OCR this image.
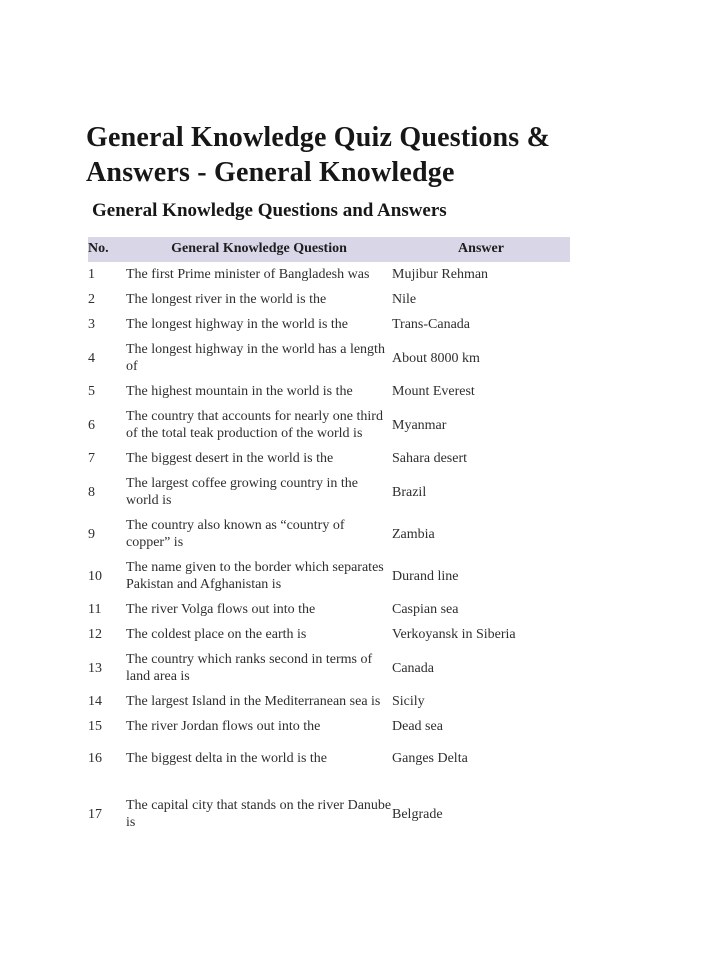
General Knowledge Quiz Questions & Answers - General Knowledge
General Knowledge Questions and Answers
No.	General Knowledge Question	Answer
1	The first Prime minister of Bangladesh was	Mujibur Rehman
2	The longest river in the world is the	Nile
3	The longest highway in the world is the	Trans-Canada
4	The longest highway in the world has a length of	About 8000 km
5	The highest mountain in the world is the	Mount Everest
6	The country that accounts for nearly one third of the total teak production of the world is	Myanmar
7	The biggest desert in the world is the	Sahara desert
8	The largest coffee growing country in the world is	Brazil
9	The country also known as “country of copper” is	Zambia
10	The name given to the border which separates Pakistan and Afghanistan is	Durand line
11	The river Volga flows out into the	Caspian sea
12	The coldest place on the earth is	Verkoyansk in Siberia
13	The country which ranks second in terms of land area is	Canada
14	The largest Island in the Mediterranean sea is	Sicily
15	The river Jordan flows out into the	Dead sea
16	The biggest delta in the world is the	Ganges Delta
17	The capital city that stands on the river Danube is	Belgrade
